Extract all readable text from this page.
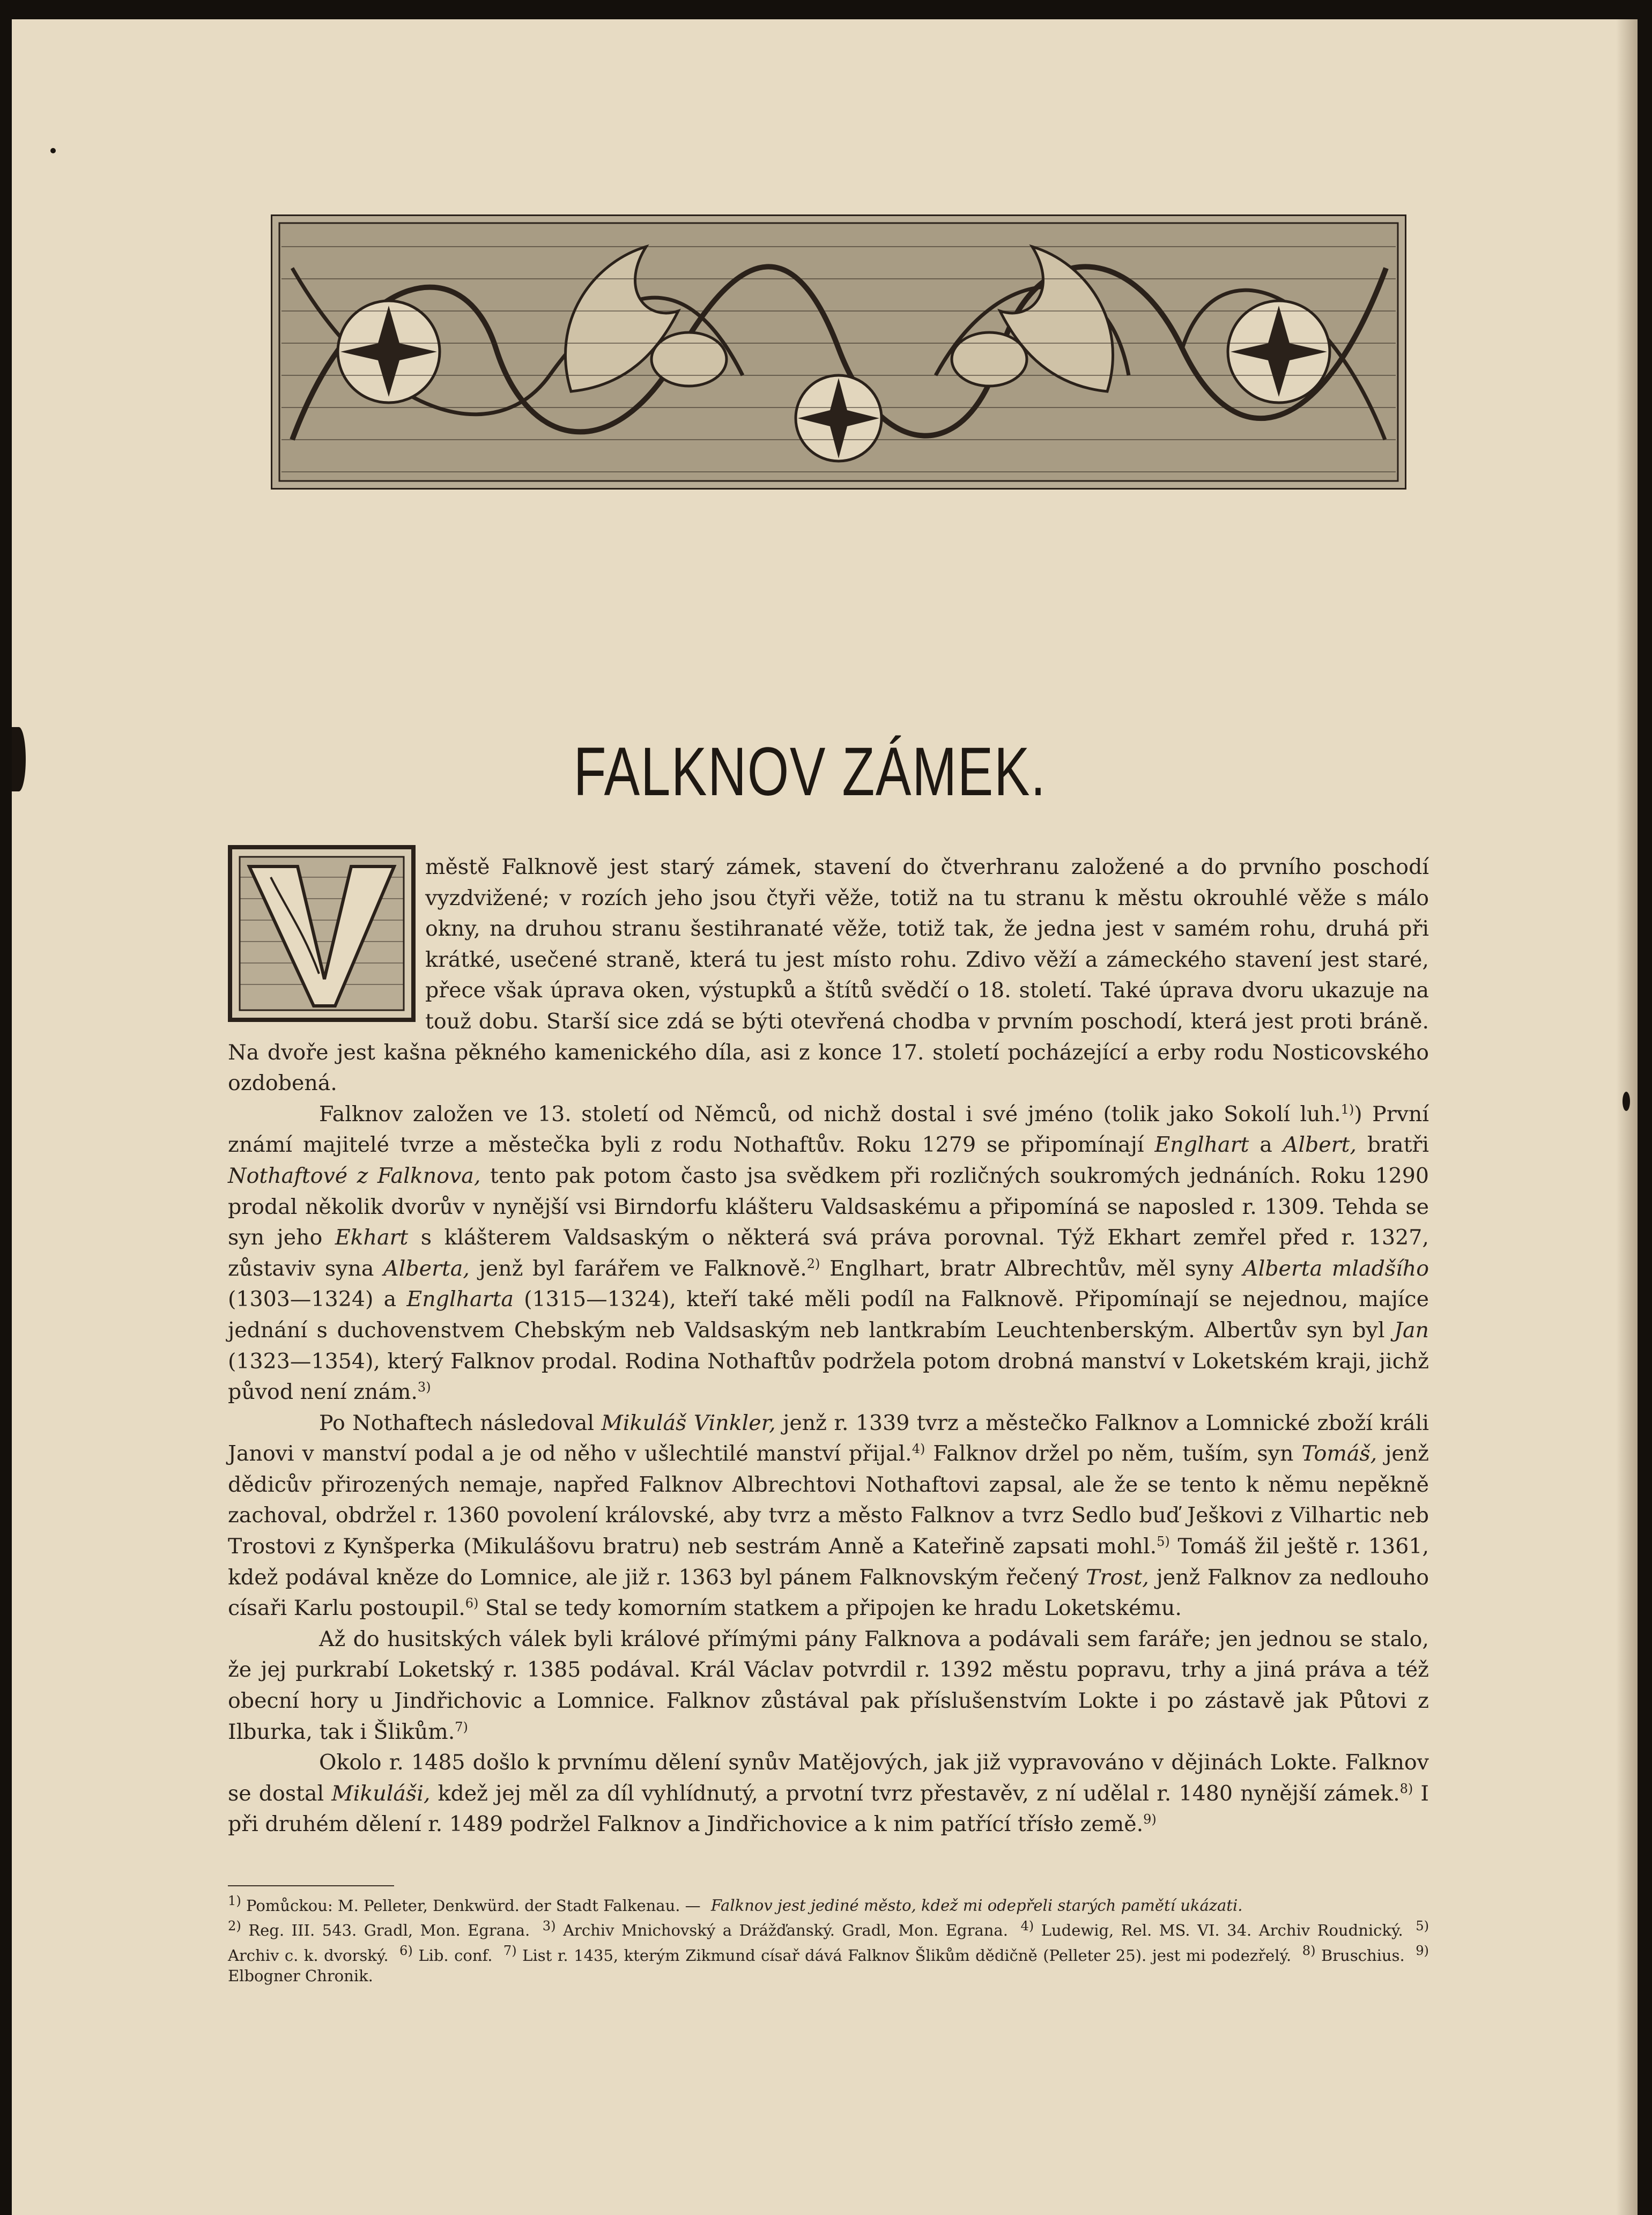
FALKNOV ZÁMEK.

městě Falknově jest starý zámek, stavení do čtverhranu založené a do prvního poschodí vyzdvižené; v rozích jeho jsou čtyři věže, totiž na tu stranu k městu okrouhlé věže s málo okny, na druhou stranu šestihranaté věže, totiž tak, že jedna jest v samém rohu, druhá při krátké, usečené straně, která tu jest místo rohu. Zdivo věží a zámeckého stavení jest staré, přece však úprava oken, výstupků a štítů svědčí o 18. století. Také úprava dvoru ukazuje na touž dobu. Starší sice zdá se býti otevřená chodba v prvním poschodí, která jest proti bráně. Na dvoře jest kašna pěkného kamenického díla, asi z konce 17. století pocházející a erby rodu Nosticovského ozdobená.

Falknov založen ve 13. století od Němců, od nichž dostal i své jméno (tolik jako Sokolí luh.$^{1)}$) První známí majitelé tvrze a městečka byli z rodu Nothaftův. Roku 1279 se připomínají Englhart a Albert, bratři Nothaftové z Falknova, tento pak potom často jsa svědkem při rozličných soukromých jednáních. Roku 1290 prodal několik dvorův v nynější vsi Birndorfu klášteru Valdsaskému a připomíná se naposled r. 1309. Tehda se syn jeho Ekhart s klášterem Valdsaským o některá svá práva porovnal. Týž Ekhart zemřel před r. 1327, zůstaviv syna Alberta, jenž byl farářem ve Falknově.$^{2)}$ Englhart, bratr Albrechtův, měl syny Alberta mladšího (1303—1324) a Englharta (1315—1324), kteří také měli podíl na Falknově. Připomínají se nejednou, majíce jednání s duchovenstvem Chebským neb Valdsaským neb lantkrabím Leuchtenberským. Albertův syn byl Jan (1323—1354), který Falknov prodal. Rodina Nothaftův podržela potom drobná manství v Loketském kraji, jichž původ není znám.$^{3)}$

Po Nothaftech následoval Mikuláš Vinkler, jenž r. 1339 tvrz a městečko Falknov a Lomnické zboží králi Janovi v manství podal a je od něho v ušlechtilé manství přijal.$^{4)}$ Falknov držel po něm, tuším, syn Tomáš, jenž dědicův přirozených nemaje, napřed Falknov Albrechtovi Nothaftovi zapsal, ale že se tento k němu nepěkně zachoval, obdržel r. 1360 povolení královské, aby tvrz a město Falknov a tvrz Sedlo buď Ješkovi z Vilhartic neb Trostovi z Kynšperka (Mikulášovu bratru) neb sestrám Anně a Kateřině zapsati mohl.$^{5)}$ Tomáš žil ještě r. 1361, kdež podával kněze do Lomnice, ale již r. 1363 byl pánem Falknovským řečený Trost, jenž Falknov za nedlouho císaři Karlu postoupil.$^{6)}$ Stal se tedy komorním statkem a připojen ke hradu Loketskému.

Až do husitských válek byli králové přímými pány Falknova a podávali sem faráře; jen jednou se stalo, že jej purkrabí Loketský r. 1385 podával. Král Václav potvrdil r. 1392 městu popravu, trhy a jiná práva a též obecní hory u Jindřichovic a Lomnice. Falknov zůstával pak příslušenstvím Lokte i po zástavě jak Půtovi z Ilburka, tak i Šlikům.$^{7)}$

Okolo r. 1485 došlo k prvnímu dělení synův Matějových, jak již vypravováno v dějinách Lokte. Falknov se dostal Mikuláši, kdež jej měl za díl vyhlídnutý, a prvotní tvrz přestavěv, z ní udělal r. 1480 nynější zámek.$^{8)}$ I při druhém dělení r. 1489 podržel Falknov a Jindřichovice a k nim patřící třísło země.$^{9)}$

$^{1)}$ Pomůckou: M. Pelleter, Denkwürd. der Stadt Falkenau. — Falknov jest jediné město, kdež mi odepřeli starých pamětí ukázati.
$^{2)}$ Reg. III. 543. Gradl, Mon. Egrana. $^{3)}$ Archiv Mnichovský a Drážďanský. Gradl, Mon. Egrana. $^{4)}$ Ludewig, Rel. MS. VI. 34. Archiv Roudnický. $^{5)}$ Archiv c. k. dvorský. $^{6)}$ Lib. conf. $^{7)}$ List r. 1435, kterým Zikmund císař dává Falknov Šlikům dědičně (Pelleter 25). jest mi podezřelý. $^{8)}$ Bruschius. $^{9)}$ Elbogner Chronik.
